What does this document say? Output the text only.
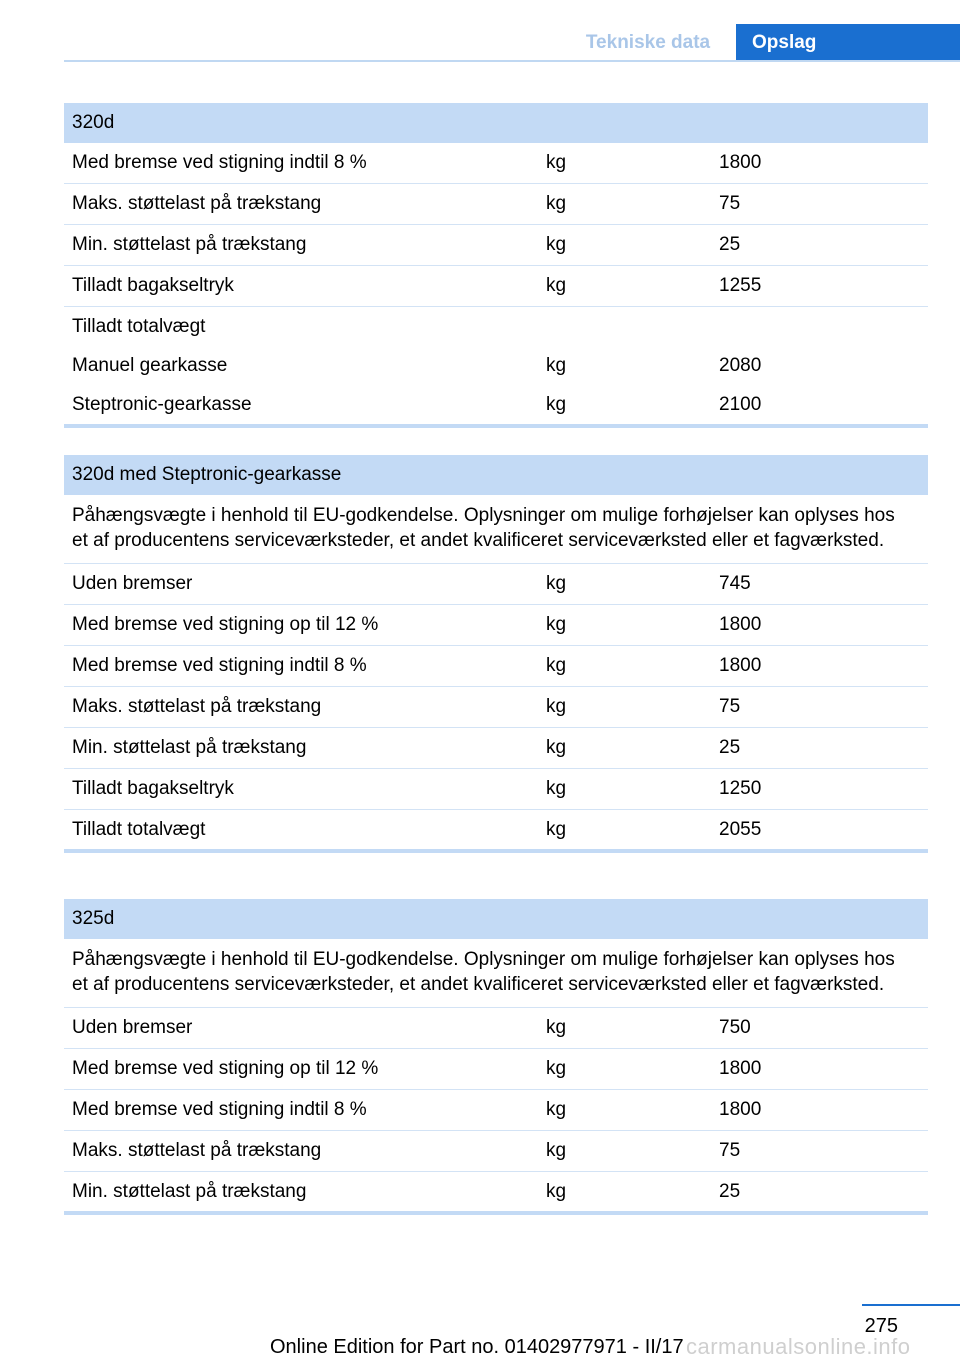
Tekniske data	Opslag
320d
Med bremse ved stigning indtil 8 %	kg	1800
Maks. støttelast på trækstang	kg	75
Min. støttelast på trækstang	kg	25
Tilladt bagakseltryk	kg	1255
Tilladt totalvægt
Manuel gearkasse	kg	2080
Steptronic-gearkasse	kg	2100
320d med Steptronic-gearkasse
Påhængsvægte i henhold til EU-godkendelse. Oplysninger om mulige forhøjelser kan oplyses hos et af producentens serviceværksteder, et andet kvalificeret serviceværksted eller et fagværksted.
Uden bremser	kg	745
Med bremse ved stigning op til 12 %	kg	1800
Med bremse ved stigning indtil 8 %	kg	1800
Maks. støttelast på trækstang	kg	75
Min. støttelast på trækstang	kg	25
Tilladt bagakseltryk	kg	1250
Tilladt totalvægt	kg	2055
325d
Påhængsvægte i henhold til EU-godkendelse. Oplysninger om mulige forhøjelser kan oplyses hos et af producentens serviceværksteder, et andet kvalificeret serviceværksted eller et fagværksted.
Uden bremser	kg	750
Med bremse ved stigning op til 12 %	kg	1800
Med bremse ved stigning indtil 8 %	kg	1800
Maks. støttelast på trækstang	kg	75
Min. støttelast på trækstang	kg	25
275
Online Edition for Part no. 01402977971 - II/17 carmanualsonline.info
